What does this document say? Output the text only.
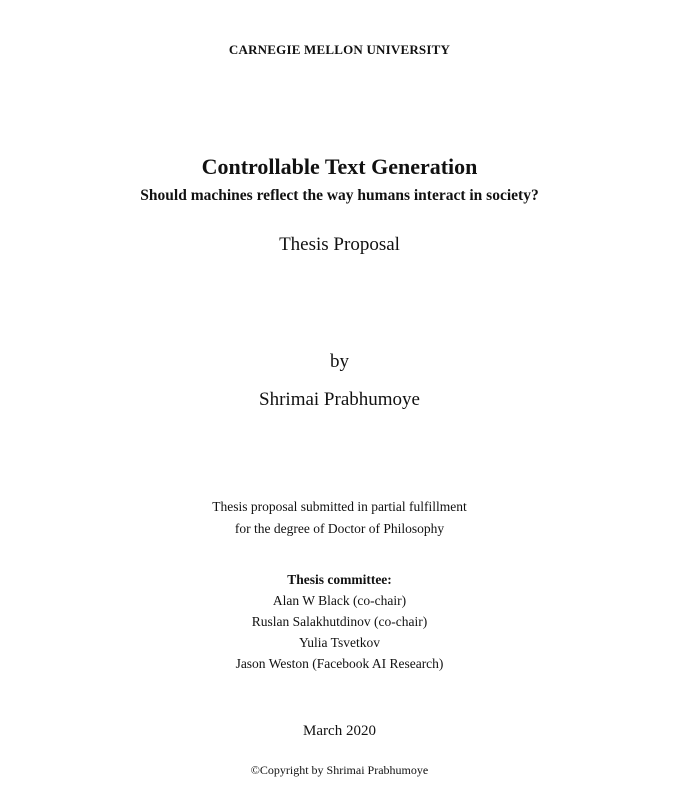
CARNEGIE MELLON UNIVERSITY
Controllable Text Generation
Should machines reflect the way humans interact in society?
Thesis Proposal
by
Shrimai Prabhumoye
Thesis proposal submitted in partial fulfillment
for the degree of Doctor of Philosophy
Thesis committee:
Alan W Black (co-chair)
Ruslan Salakhutdinov (co-chair)
Yulia Tsvetkov
Jason Weston (Facebook AI Research)
March 2020
©Copyright by Shrimai Prabhumoye
